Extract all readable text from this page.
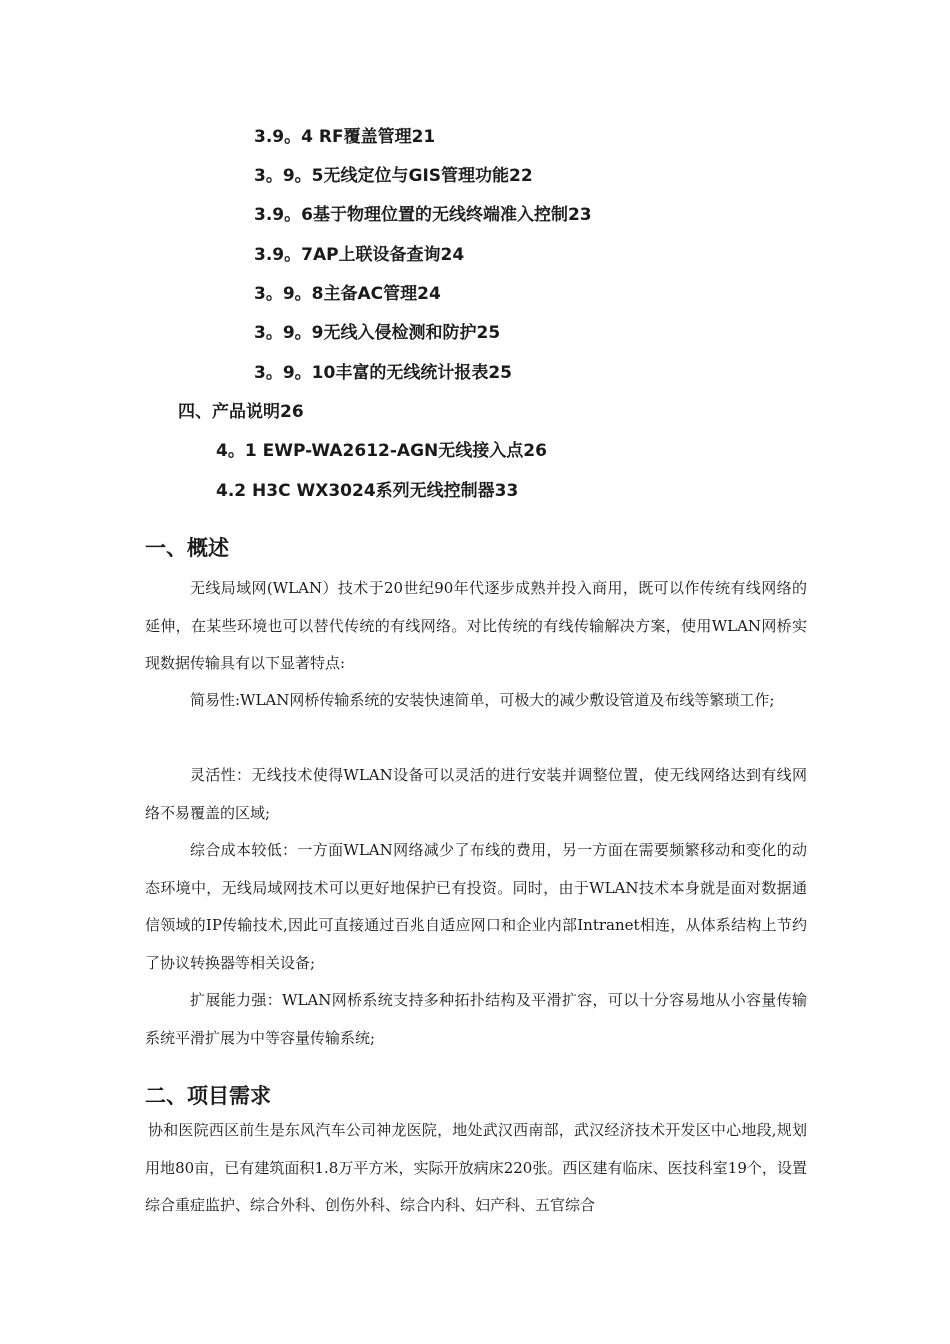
3.9。4 RF覆盖管理21
3。9。5无线定位与GIS管理功能22
3.9。6基于物理位置的无线终端准入控制23
3.9。7AP上联设备查询24
3。9。8主备AC管理24
3。9。9无线入侵检测和防护25
3。9。10丰富的无线统计报表25
四、产品说明26
4。1 EWP-WA2612-AGN无线接入点26
4.2 H3C WX3024系列无线控制器33
一、概述

无线局域网(WLAN）技术于20世纪90年代逐步成熟并投入商用，既可以作传统有线网络的延伸，在某些环境也可以替代传统的有线网络。对比传统的有线传输解决方案，使用WLAN网桥实现数据传输具有以下显著特点:

简易性:WLAN网桥传输系统的安装快速简单，可极大的减少敷设管道及布线等繁琐工作;

灵活性：无线技术使得WLAN设备可以灵活的进行安装并调整位置，使无线网络达到有线网络不易覆盖的区域;

综合成本较低：一方面WLAN网络减少了布线的费用，另一方面在需要频繁移动和变化的动态环境中，无线局域网技术可以更好地保护已有投资。同时，由于WLAN技术本身就是面对数据通信领域的IP传输技术,因此可直接通过百兆自适应网口和企业内部Intranet相连，从体系结构上节约了协议转换器等相关设备;

扩展能力强：WLAN网桥系统支持多种拓扑结构及平滑扩容，可以十分容易地从小容量传输系统平滑扩展为中等容量传输系统;

二、项目需求

协和医院西区前生是东风汽车公司神龙医院，地处武汉西南部，武汉经济技术开发区中心地段,规划用地80亩，已有建筑面积1.8万平方米，实际开放病床220张。西区建有临床、医技科室19个，设置综合重症监护、综合外科、创伤外科、综合内科、妇产科、五官综合
